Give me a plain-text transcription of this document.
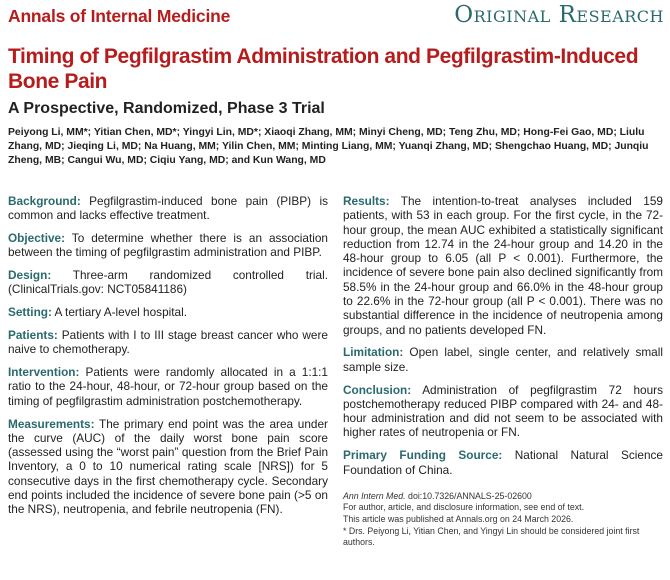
Annals of Internal Medicine	Original Research
Timing of Pegfilgrastim Administration and Pegfilgrastim-Induced Bone Pain
A Prospective, Randomized, Phase 3 Trial
Peiyong Li, MM*; Yitian Chen, MD*; Yingyi Lin, MD*; Xiaoqi Zhang, MM; Minyi Cheng, MD; Teng Zhu, MD; Hong-Fei Gao, MD; Liulu Zhang, MD; Jieqing Li, MD; Na Huang, MM; Yilin Chen, MM; Minting Liang, MM; Yuanqi Zhang, MD; Shengchao Huang, MD; Junqiu Zheng, MB; Cangui Wu, MD; Ciqiu Yang, MD; and Kun Wang, MD

Background: Pegfilgrastim-induced bone pain (PIBP) is common and lacks effective treatment.

Objective: To determine whether there is an association between the timing of pegfilgrastim administration and PIBP.

Design: Three-arm randomized controlled trial. (ClinicalTrials.gov: NCT05841186)

Setting: A tertiary A-level hospital.

Patients: Patients with I to III stage breast cancer who were naive to chemotherapy.

Intervention: Patients were randomly allocated in a 1:1:1 ratio to the 24-hour, 48-hour, or 72-hour group based on the timing of pegfilgrastim administration postchemotherapy.

Measurements: The primary end point was the area under the curve (AUC) of the daily worst bone pain score (assessed using the “worst pain” question from the Brief Pain Inventory, a 0 to 10 numerical rating scale [NRS]) for 5 consecutive days in the first chemotherapy cycle. Secondary end points included the incidence of severe bone pain (>5 on the NRS), neutropenia, and febrile neutropenia (FN).

Results: The intention-to-treat analyses included 159 patients, with 53 in each group. For the first cycle, in the 72-hour group, the mean AUC exhibited a statistically significant reduction from 12.74 in the 24-hour group and 14.20 in the 48-hour group to 6.05 (all P < 0.001). Furthermore, the incidence of severe bone pain also declined significantly from 58.5% in the 24-hour group and 66.0% in the 48-hour group to 22.6% in the 72-hour group (all P < 0.001). There was no substantial difference in the incidence of neutropenia among groups, and no patients developed FN.

Limitation: Open label, single center, and relatively small sample size.

Conclusion: Administration of pegfilgrastim 72 hours postchemotherapy reduced PIBP compared with 24- and 48-hour administration and did not seem to be associated with higher rates of neutropenia or FN.

Primary Funding Source: National Natural Science Foundation of China.

Ann Intern Med. doi:10.7326/ANNALS-25-02600
For author, article, and disclosure information, see end of text.
This article was published at Annals.org on 24 March 2026.
* Drs. Peiyong Li, Yitian Chen, and Yingyi Lin should be considered joint first authors.
